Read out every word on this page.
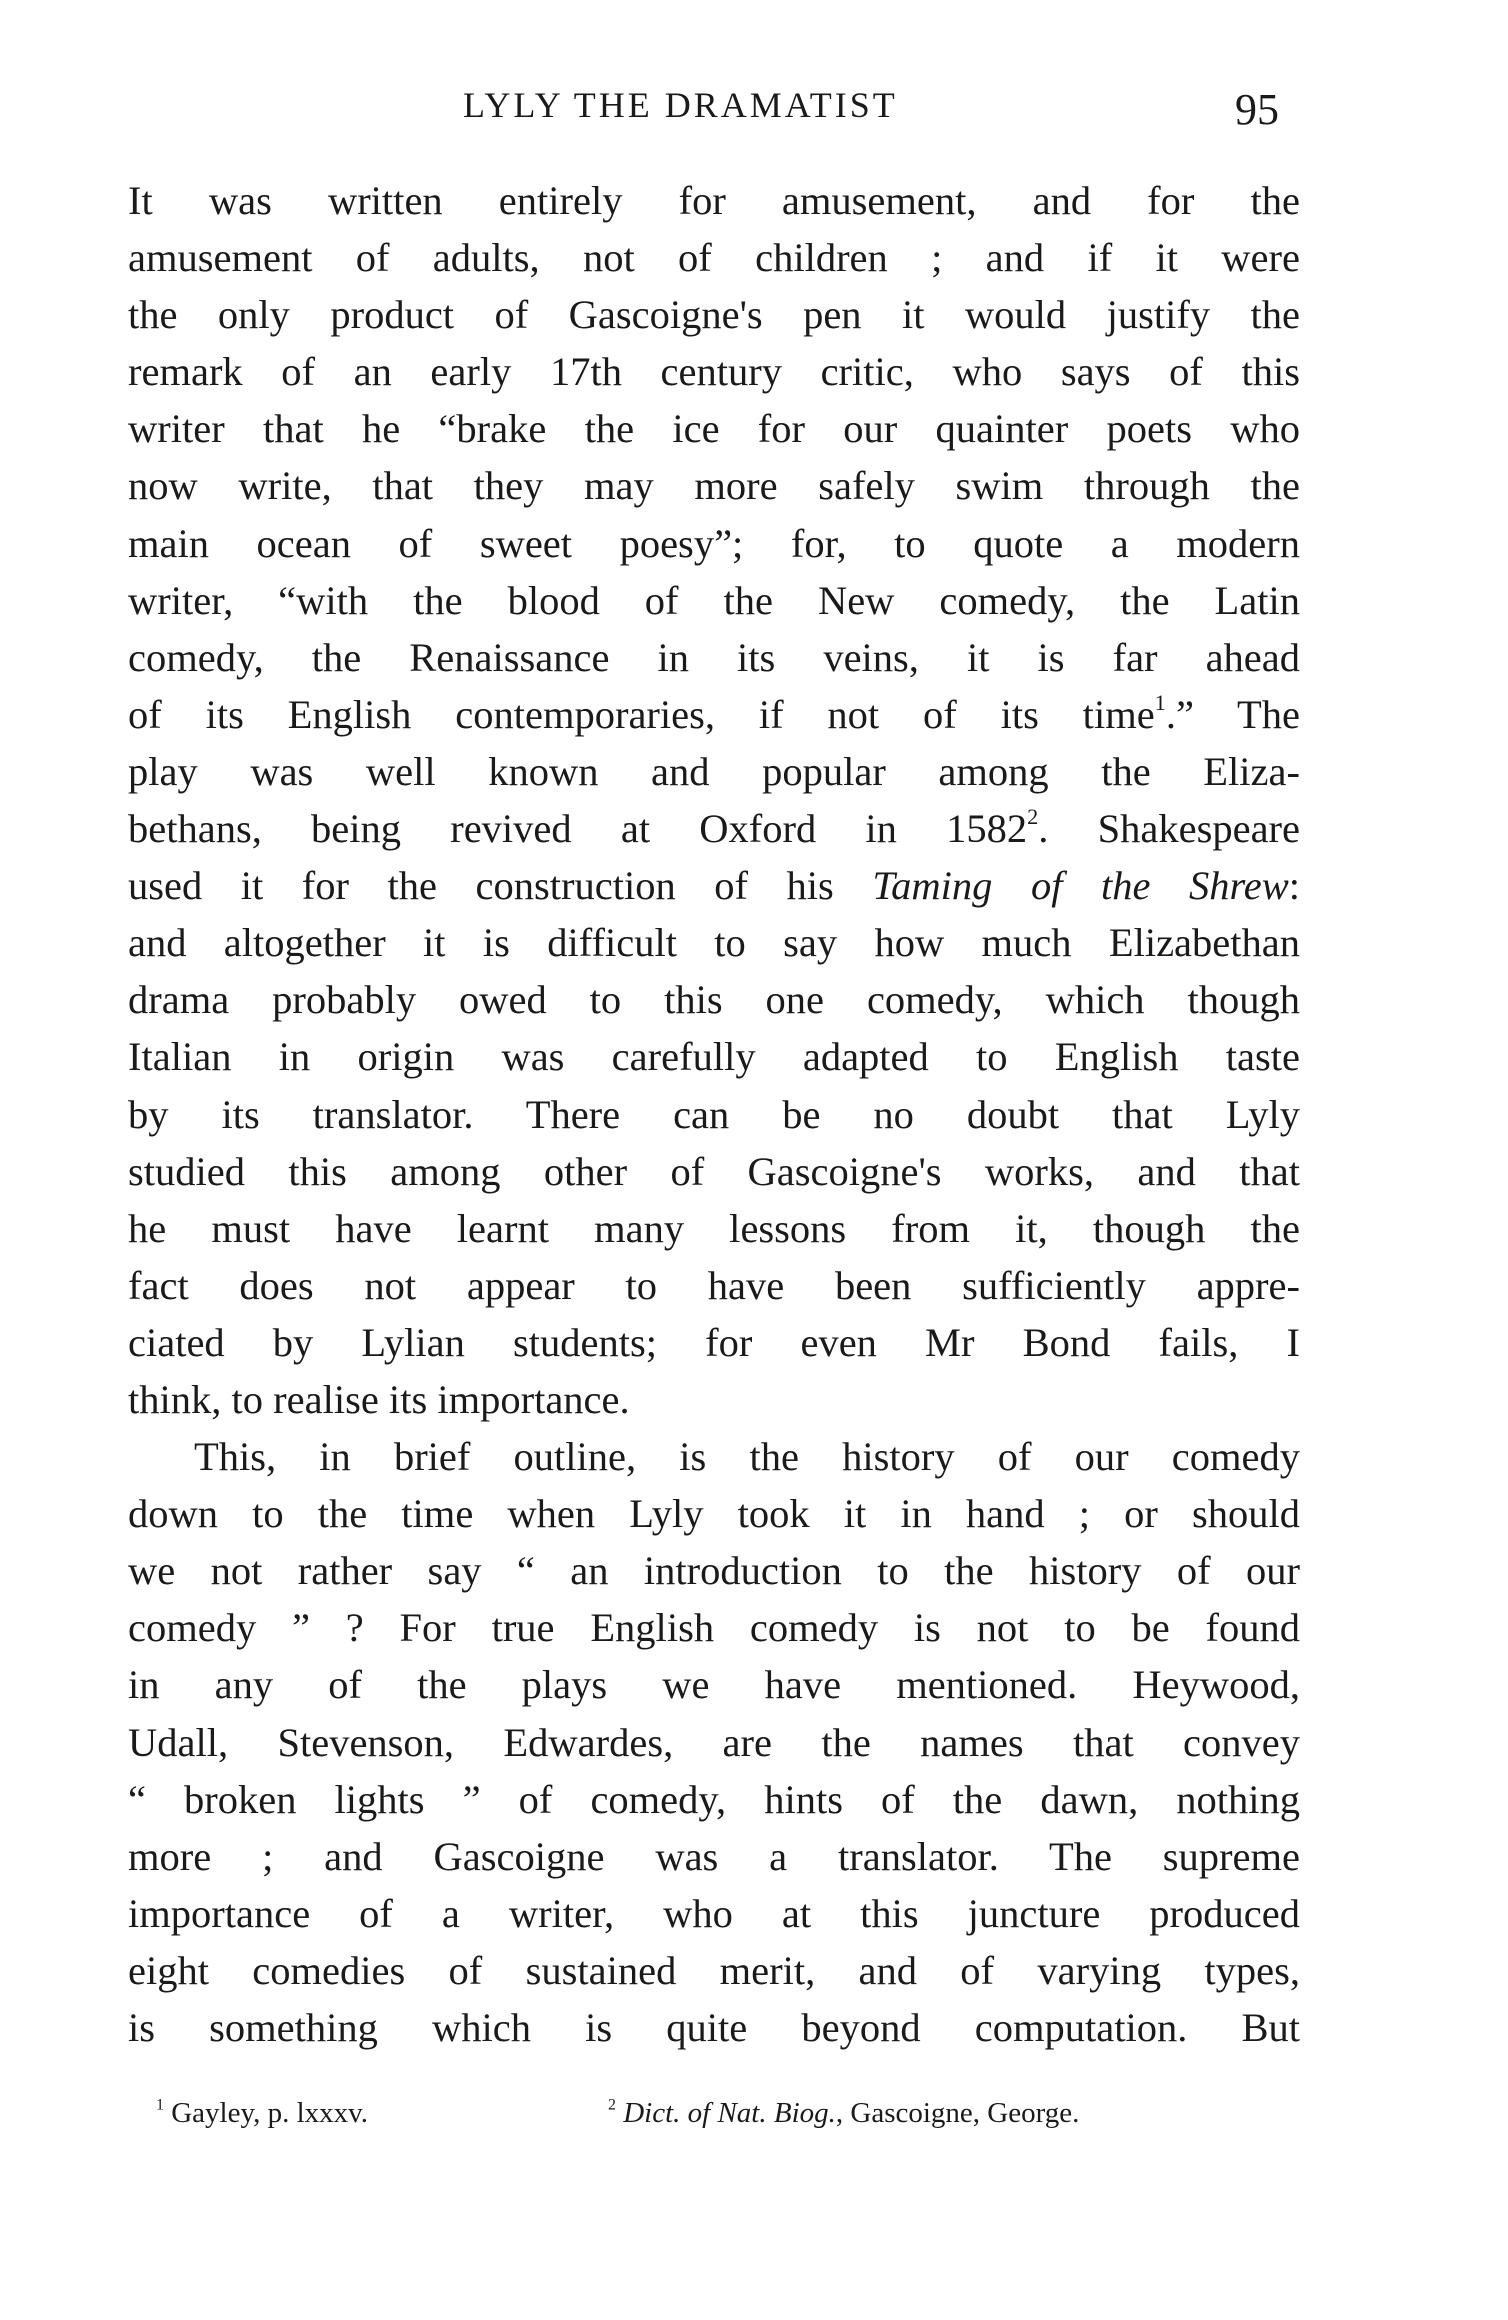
LYLY THE DRAMATIST	95
It was written entirely for amusement, and for the
amusement of adults, not of children ; and if it were
the only product of Gascoigne's pen it would justify the
remark of an early 17th century critic, who says of this
writer that he “brake the ice for our quainter poets who
now write, that they may more safely swim through the
main ocean of sweet poesy”; for, to quote a modern
writer, “with the blood of the New comedy, the Latin
comedy, the Renaissance in its veins, it is far ahead
of its English contemporaries, if not of its time$^1$.” The
play was well known and popular among the Eliza-
bethans, being revived at Oxford in 1582$^2$. Shakespeare
used it for the construction of his Taming of the Shrew:
and altogether it is difficult to say how much Elizabethan
drama probably owed to this one comedy, which though
Italian in origin was carefully adapted to English taste
by its translator. There can be no doubt that Lyly
studied this among other of Gascoigne's works, and that
he must have learnt many lessons from it, though the
fact does not appear to have been sufficiently appre-
ciated by Lylian students; for even Mr Bond fails, I
think, to realise its importance.
This, in brief outline, is the history of our comedy
down to the time when Lyly took it in hand ; or should
we not rather say “ an introduction to the history of our
comedy ” ? For true English comedy is not to be found
in any of the plays we have mentioned. Heywood,
Udall, Stevenson, Edwardes, are the names that convey
“ broken lights ” of comedy, hints of the dawn, nothing
more ; and Gascoigne was a translator. The supreme
importance of a writer, who at this juncture produced
eight comedies of sustained merit, and of varying types,
is something which is quite beyond computation. But
$^1$ Gayley, p. lxxxv.	$^2$ Dict. of Nat. Biog., Gascoigne, George.
